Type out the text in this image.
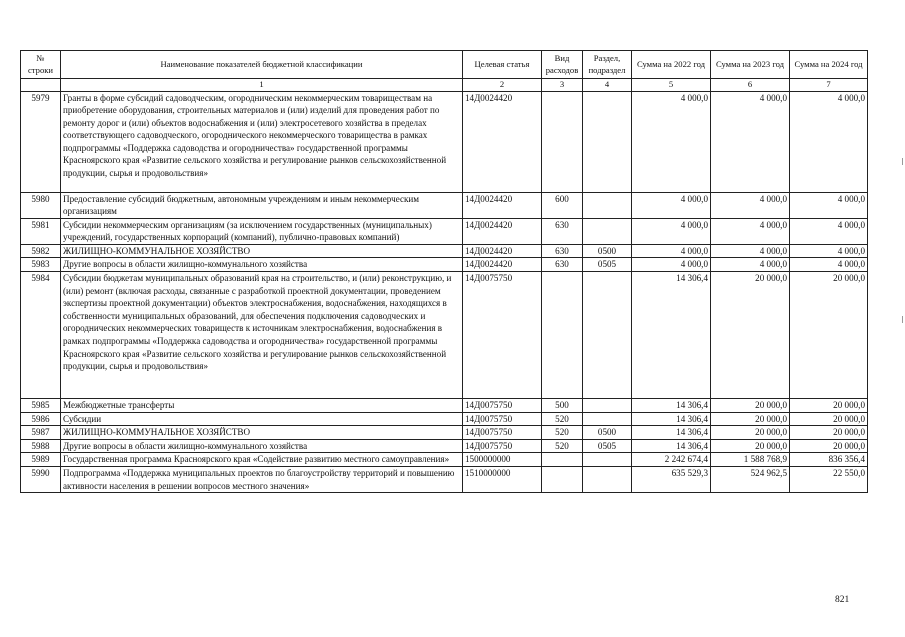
№ строки	Наименование показателей бюджетной классификации	Целевая статья	Вид расходов	Раздел, подраздел	Сумма на 2022 год	Сумма на 2023 год	Сумма на 2024 год
	1	2	3	4	5	6	7
5979	Гранты в форме субсидий садоводческим, огородническим некоммерческим товариществам на приобретение оборудования, строительных материалов и (или) изделий для проведения работ по ремонту дорог и (или) объектов водоснабжения и (или) электросетевого хозяйства в пределах соответствующего садоводческого, огороднического некоммерческого товарищества в рамках подпрограммы «Поддержка садоводства и огородничества» государственной программы Красноярского края «Развитие сельского хозяйства и регулирование рынков сельскохозяйственной продукции, сырья и продовольствия»	14Д0024420			4 000,0	4 000,0	4 000,0
5980	Предоставление субсидий бюджетным, автономным учреждениям и иным некоммерческим организациям	14Д0024420	600		4 000,0	4 000,0	4 000,0
5981	Субсидии некоммерческим организациям (за исключением государственных (муниципальных) учреждений, государственных корпораций (компаний), публично-правовых компаний)	14Д0024420	630		4 000,0	4 000,0	4 000,0
5982	ЖИЛИЩНО-КОММУНАЛЬНОЕ ХОЗЯЙСТВО	14Д0024420	630	0500	4 000,0	4 000,0	4 000,0
5983	Другие вопросы в области жилищно-коммунального хозяйства	14Д0024420	630	0505	4 000,0	4 000,0	4 000,0
5984	Субсидии бюджетам муниципальных образований края на строительство, и (или) реконструкцию, и (или) ремонт (включая расходы, связанные с разработкой проектной документации, проведением экспертизы проектной документации) объектов электроснабжения, водоснабжения, находящихся в собственности муниципальных образований, для обеспечения подключения садоводческих и огороднических некоммерческих товариществ к источникам электроснабжения, водоснабжения в рамках подпрограммы «Поддержка садоводства и огородничества» государственной программы Красноярского края «Развитие сельского хозяйства и регулирование рынков сельскохозяйственной продукции, сырья и продовольствия»	14Д0075750			14 306,4	20 000,0	20 000,0
5985	Межбюджетные трансферты	14Д0075750	500		14 306,4	20 000,0	20 000,0
5986	Субсидии	14Д0075750	520		14 306,4	20 000,0	20 000,0
5987	ЖИЛИЩНО-КОММУНАЛЬНОЕ ХОЗЯЙСТВО	14Д0075750	520	0500	14 306,4	20 000,0	20 000,0
5988	Другие вопросы в области жилищно-коммунального хозяйства	14Д0075750	520	0505	14 306,4	20 000,0	20 000,0
5989	Государственная программа Красноярского края «Содействие развитию местного самоуправления»	1500000000			2 242 674,4	1 588 768,9	836 356,4
5990	Подпрограмма «Поддержка муниципальных проектов по благоустройству территорий и повышению активности населения в решении вопросов местного значения»	1510000000			635 529,3	524 962,5	22 550,0
821
